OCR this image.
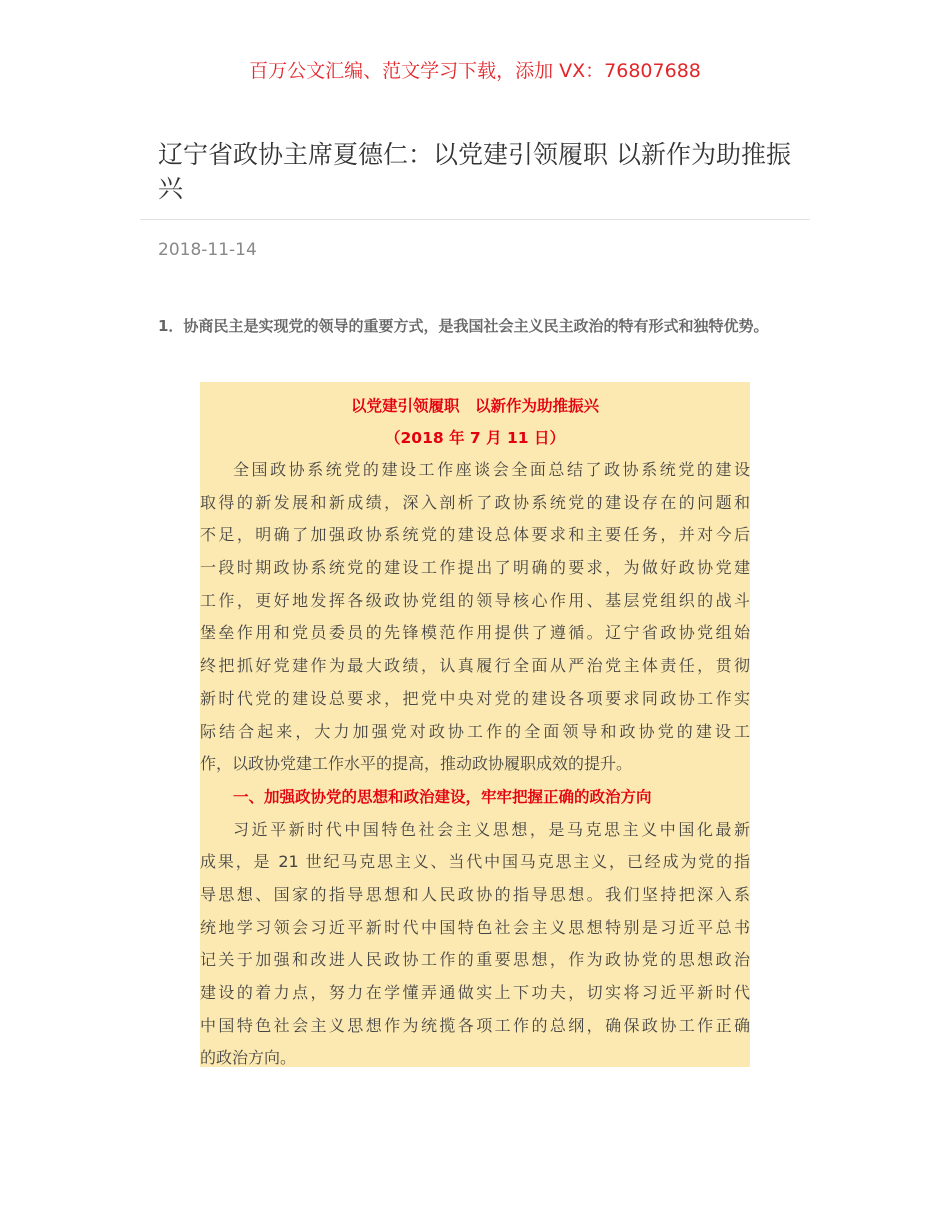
百万公文汇编、范文学习下载，添加 VX：76807688
辽宁省政协主席夏德仁：以党建引领履职 以新作为助推振兴
2018-11-14
1．协商民主是实现党的领导的重要方式，是我国社会主义民主政治的特有形式和独特优势。
以党建引领履职　以新作为助推振兴
（2018 年 7 月 11 日）
全国政协系统党的建设工作座谈会全面总结了政协系统党的建设
取得的新发展和新成绩，深入剖析了政协系统党的建设存在的问题和
不足，明确了加强政协系统党的建设总体要求和主要任务，并对今后
一段时期政协系统党的建设工作提出了明确的要求，为做好政协党建
工作，更好地发挥各级政协党组的领导核心作用、基层党组织的战斗
堡垒作用和党员委员的先锋模范作用提供了遵循。辽宁省政协党组始
终把抓好党建作为最大政绩，认真履行全面从严治党主体责任，贯彻
新时代党的建设总要求，把党中央对党的建设各项要求同政协工作实
际结合起来，大力加强党对政协工作的全面领导和政协党的建设工
作，以政协党建工作水平的提高，推动政协履职成效的提升。
一、加强政协党的思想和政治建设，牢牢把握正确的政治方向
习近平新时代中国特色社会主义思想，是马克思主义中国化最新
成果，是 21 世纪马克思主义、当代中国马克思主义，已经成为党的指
导思想、国家的指导思想和人民政协的指导思想。我们坚持把深入系
统地学习领会习近平新时代中国特色社会主义思想特别是习近平总书
记关于加强和改进人民政协工作的重要思想，作为政协党的思想政治
建设的着力点，努力在学懂弄通做实上下功夫，切实将习近平新时代
中国特色社会主义思想作为统揽各项工作的总纲，确保政协工作正确
的政治方向。
